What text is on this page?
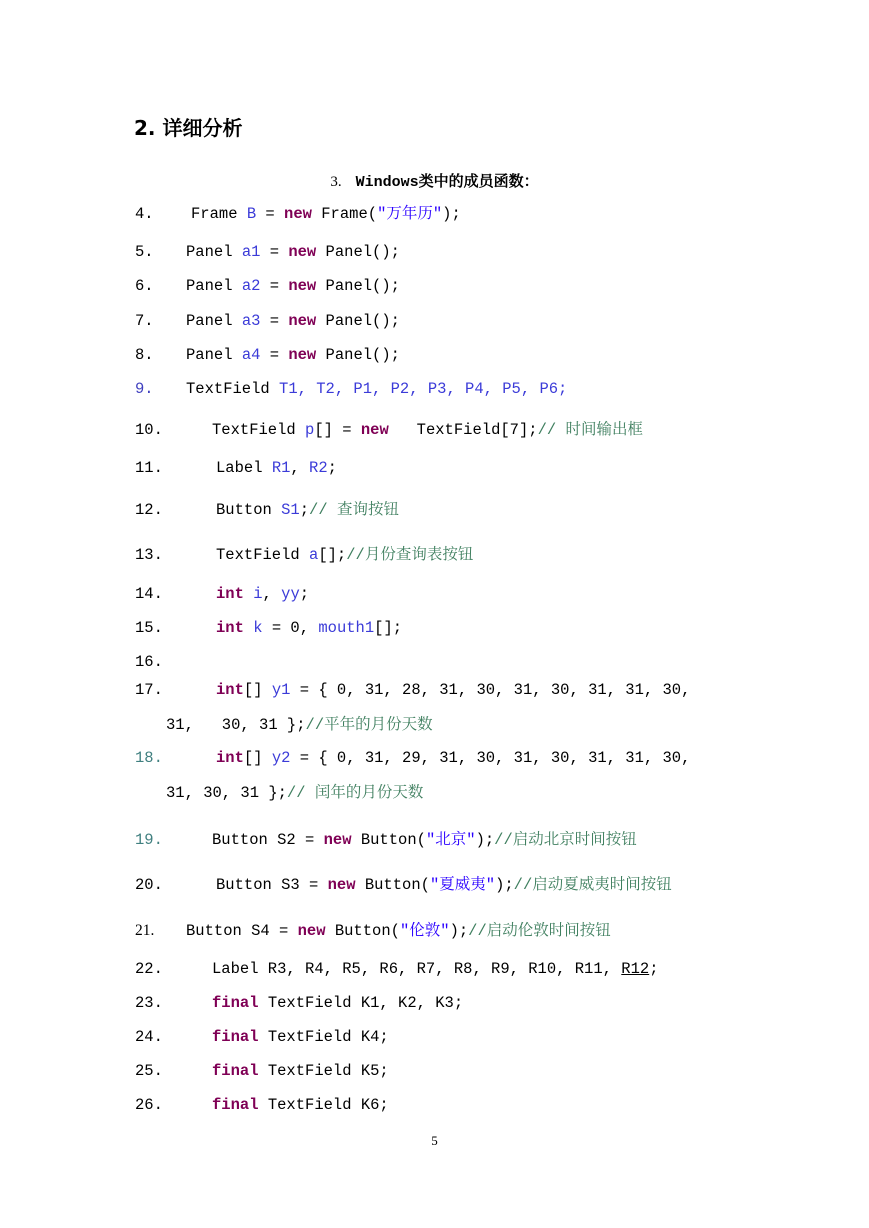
2. 详细分析
3. Windows类中的成员函数：
4. Frame B = new Frame("万年历");
5. Panel a1 = new Panel();
6. Panel a2 = new Panel();
7. Panel a3 = new Panel();
8. Panel a4 = new Panel();
9. TextField T1, T2, P1, P2, P3, P4, P5, P6;
10.	TextField p[] = new   TextField[7];// 时间输出框
11.	Label R1, R2;
12.	Button S1;// 查询按钮
13.	TextField a[];//月份查询表按钮
14.	int i, yy;
15.	int k = 0, mouth1[];
16.
17.	int[] y1 = { 0, 31, 28, 31, 30, 31, 30, 31, 31, 30,
31,   30, 31 };//平年的月份天数
18.	int[] y2 = { 0, 31, 29, 31, 30, 31, 30, 31, 31, 30,
31, 30, 31 };// 闰年的月份天数
19.	Button S2 = new Button("北京");//启动北京时间按钮
20.	Button S3 = new Button("夏威夷");//启动夏威夷时间按钮
21. Button S4 = new Button("伦敦");//启动伦敦时间按钮
22.	Label R3, R4, R5, R6, R7, R8, R9, R10, R11, R12;
23.	final TextField K1, K2, K3;
24.	final TextField K4;
25.	final TextField K5;
26.	final TextField K6;
5
